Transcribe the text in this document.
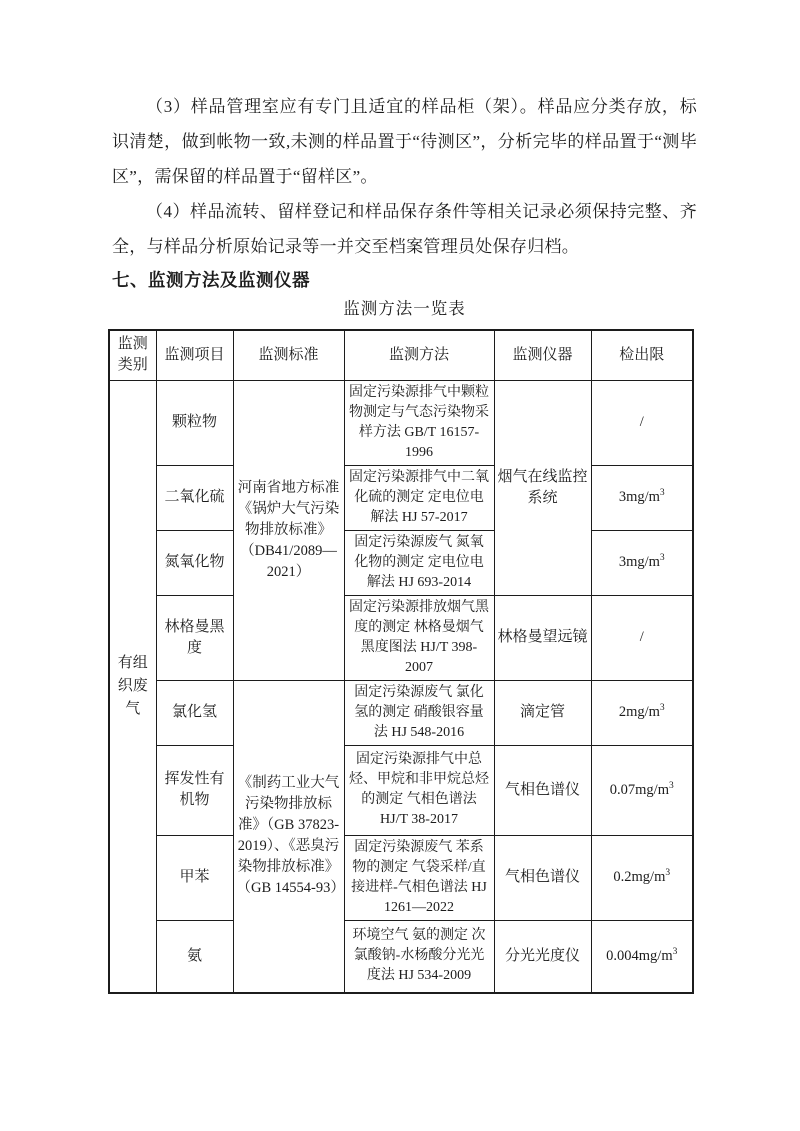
（3）样品管理室应有专门且适宜的样品柜（架）。样品应分类存放，标识清楚，做到帐物一致,未测的样品置于“待测区”，分析完毕的样品置于“测毕区”，需保留的样品置于“留样区”。

（4）样品流转、留样登记和样品保存条件等相关记录必须保持完整、齐全，与样品分析原始记录等一并交至档案管理员处保存归档。

七、监测方法及监测仪器
监测方法一览表
监测类别	监测项目	监测标准	监测方法	监测仪器	检出限
有组织废气	颗粒物	河南省地方标准《锅炉大气污染物排放标准》（DB41/2089—2021）	固定污染源排气中颗粒物测定与气态污染物采样方法 GB/T 16157-1996	烟气在线监控系统	/
	二氧化硫		固定污染源排气中二氧化硫的测定 定电位电解法 HJ 57-2017		$3mg/m^3$
	氮氧化物		固定污染源废气 氮氧化物的测定 定电位电解法 HJ 693-2014		$3mg/m^3$
	林格曼黑度		固定污染源排放烟气黑度的测定 林格曼烟气黑度图法 HJ/T 398-2007	林格曼望远镜	/
	氯化氢	《制药工业大气污染物排放标准》（GB 37823-2019）、《恶臭污染物排放标准》（GB 14554-93）	固定污染源废气 氯化氢的测定 硝酸银容量法 HJ 548-2016	滴定管	$2mg/m^3$
	挥发性有机物		固定污染源排气中总烃、甲烷和非甲烷总烃的测定 气相色谱法 HJ/T 38-2017	气相色谱仪	$0.07mg/m^3$
	甲苯		固定污染源废气 苯系物的测定 气袋采样/直接进样-气相色谱法 HJ 1261—2022	气相色谱仪	$0.2mg/m^3$
	氨		环境空气 氨的测定 次氯酸钠-水杨酸分光光度法 HJ 534-2009	分光光度仪	$0.004mg/m^3$
